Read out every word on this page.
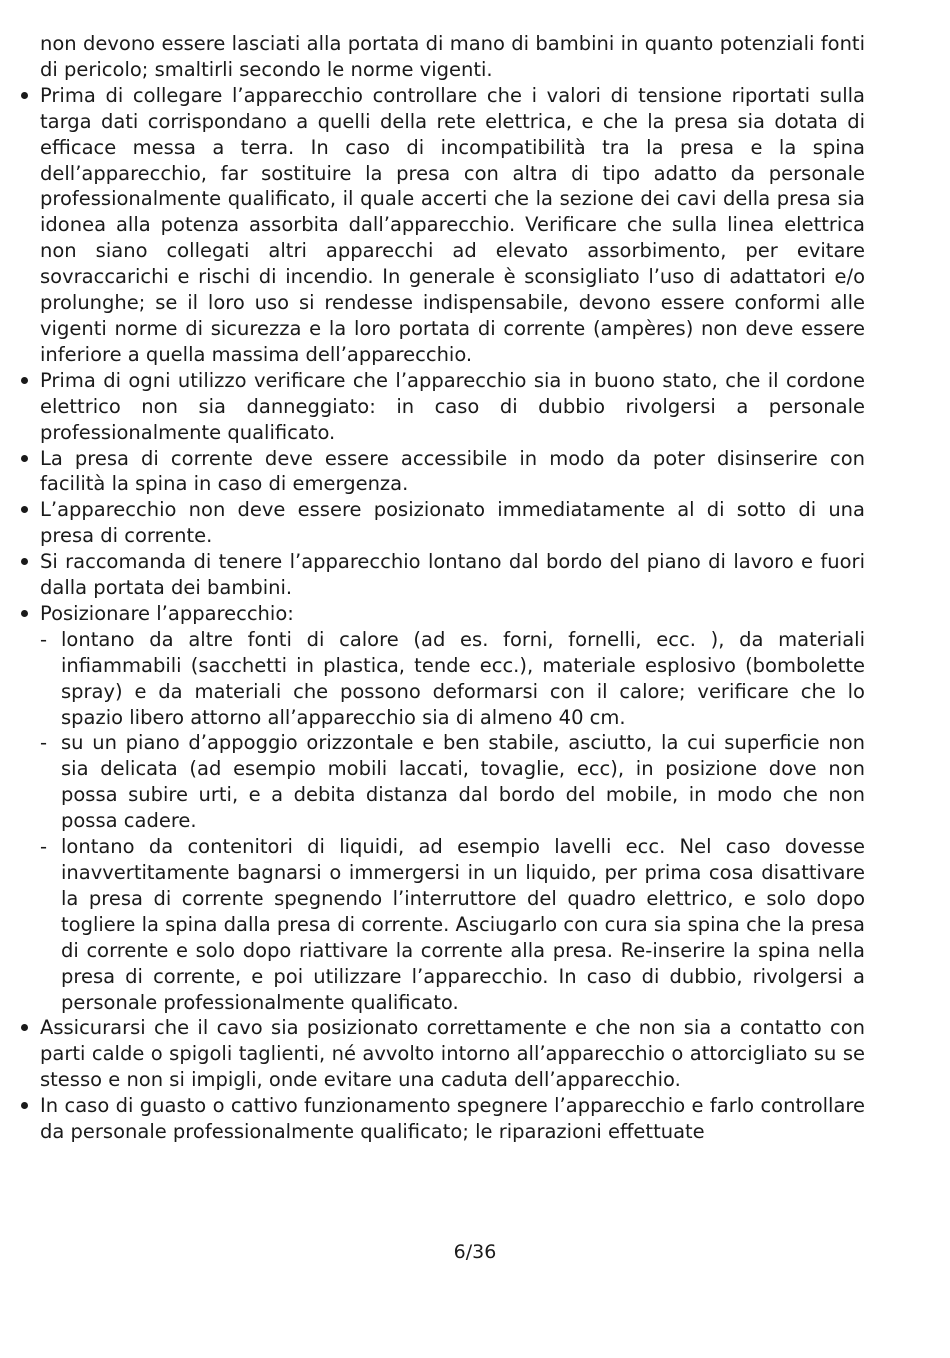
non devono essere lasciati alla portata di mano di bambini in quanto potenziali fonti di pericolo; smaltirli secondo le norme vigenti.

Prima di collegare l’apparecchio controllare che i valori di tensione riportati sulla targa dati corrispondano a quelli della rete elettrica, e che la presa sia dotata di efficace messa a terra. In caso di incompatibilità tra la presa e la spina dell’apparecchio, far sostituire la presa con altra di tipo adatto da personale professionalmente qualificato, il quale accerti che la sezione dei cavi della presa sia idonea alla potenza assorbita dall’apparecchio. Verificare che sulla linea elettrica non siano collegati altri apparecchi ad elevato assorbimento, per evitare sovraccarichi e rischi di incendio. In generale è sconsigliato l’uso di adattatori e/o prolunghe; se il loro uso si rendesse indispensabile, devono essere conformi alle vigenti norme di sicurezza e la loro portata di corrente (ampères) non deve essere inferiore a quella massima dell’apparecchio.
Prima di ogni utilizzo verificare che l’apparecchio sia in buono stato, che il cordone elettrico non sia danneggiato: in caso di dubbio rivolgersi a personale professionalmente qualificato.
La presa di corrente deve essere accessibile in modo da poter disinserire con facilità la spina in caso di emergenza.
L’apparecchio non deve essere posizionato immediatamente al di sotto di una presa di corrente.
Si raccomanda di tenere l’apparecchio lontano dal bordo del piano di lavoro e fuori dalla portata dei bambini.
Posizionare l’apparecchio:
- lontano da altre fonti di calore (ad es. forni, fornelli, ecc. ), da materiali infiammabili (sacchetti in plastica, tende ecc.), materiale esplosivo (bombolette spray) e da materiali che possono deformarsi con il calore; verificare che lo spazio libero attorno all’apparecchio sia di almeno 40 cm.
- su un piano d’appoggio orizzontale e ben stabile, asciutto, la cui superficie non sia delicata (ad esempio mobili laccati, tovaglie, ecc), in posizione dove non possa subire urti, e a debita distanza dal bordo del mobile, in modo che non possa cadere.
- lontano da contenitori di liquidi, ad esempio lavelli ecc. Nel caso dovesse inavvertitamente bagnarsi o immergersi in un liquido, per prima cosa disattivare la presa di corrente spegnendo l’interruttore del quadro elettrico, e solo dopo togliere la spina dalla presa di corrente. Asciugarlo con cura sia spina che la presa di corrente e solo dopo riattivare la corrente alla presa. Re-inserire la spina nella presa di corrente, e poi utilizzare l’apparecchio. In caso di dubbio, rivolgersi a personale professionalmente qualificato.
Assicurarsi che il cavo sia posizionato correttamente e che non sia a contatto con parti calde o spigoli taglienti, né avvolto intorno all’apparecchio o attorcigliato su se stesso e non si impigli, onde evitare una caduta dell’apparecchio.
In caso di guasto o cattivo funzionamento spegnere l’apparecchio e farlo controllare da personale professionalmente qualificato; le riparazioni effettuate
6/36
